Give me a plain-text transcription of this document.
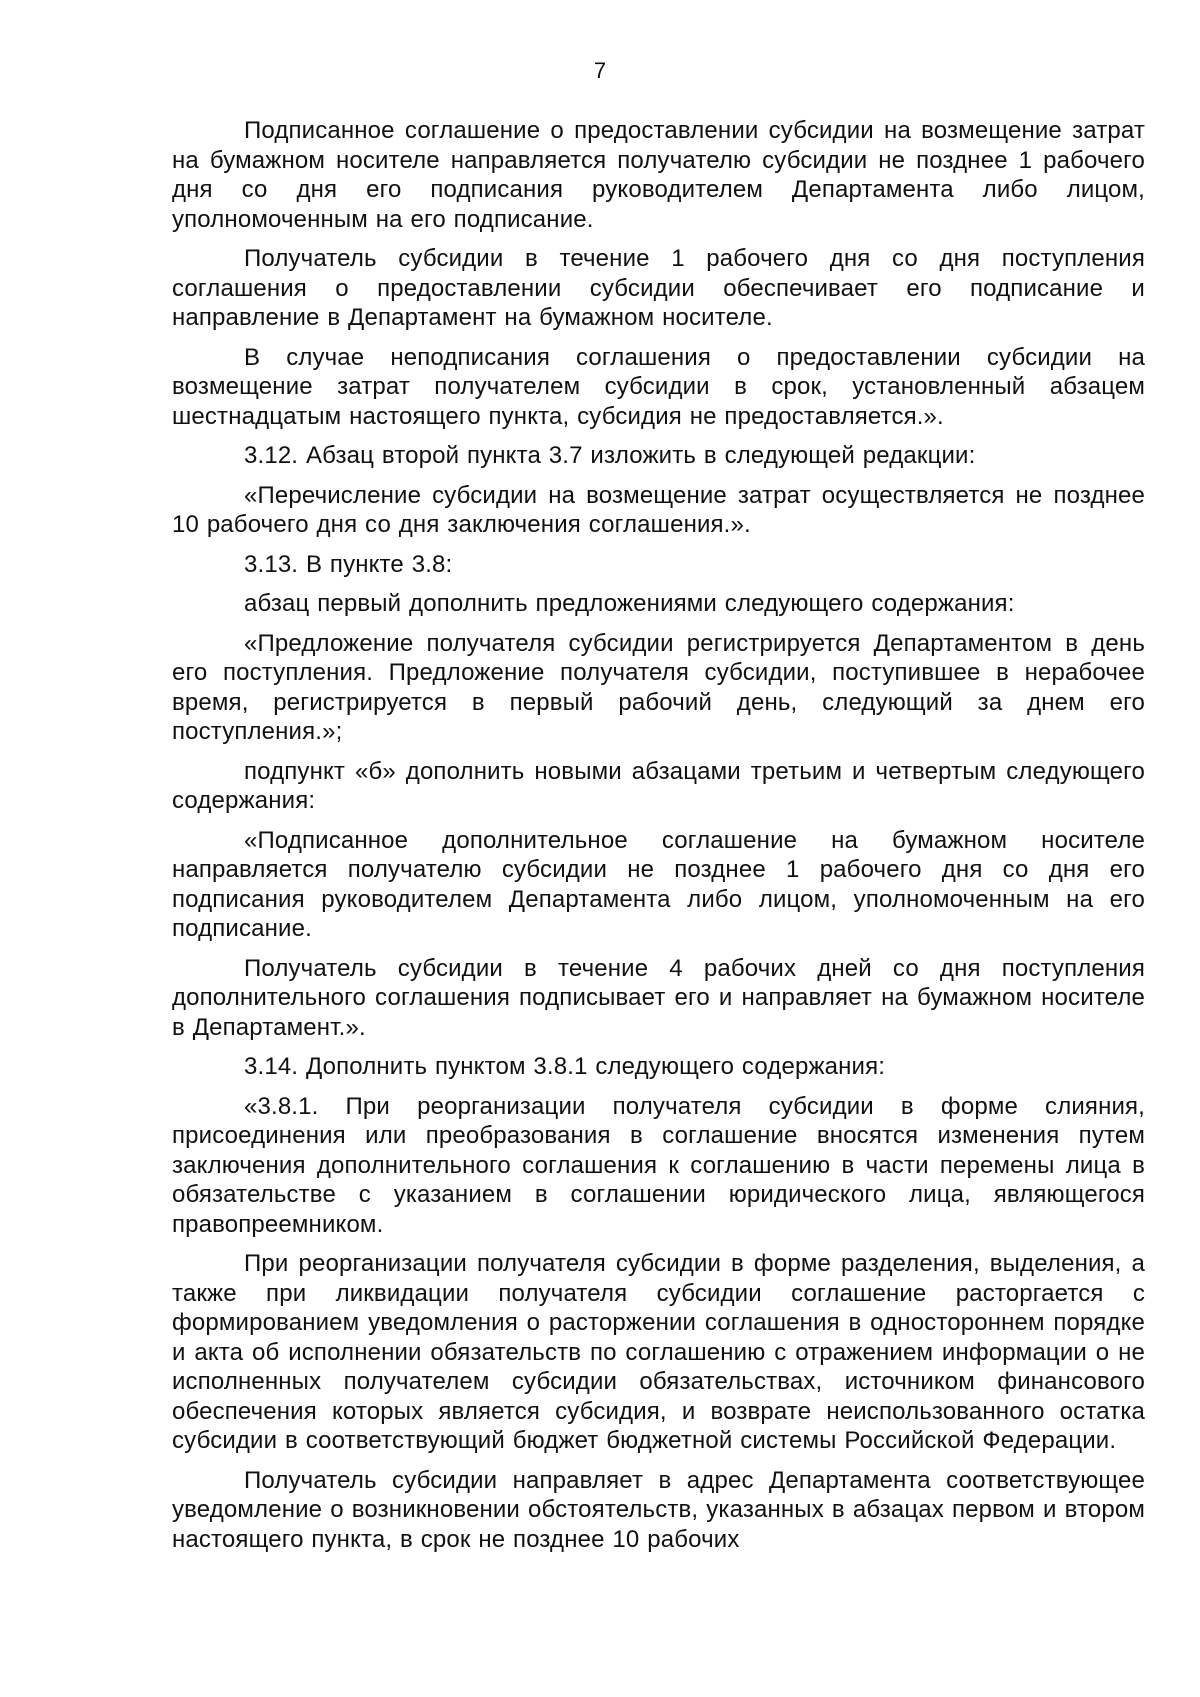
7

Подписанное соглашение о предоставлении субсидии на возмещение затрат на бумажном носителе направляется получателю субсидии не позднее 1 рабочего дня со дня его подписания руководителем Департамента либо лицом, уполномоченным на его подписание.

Получатель субсидии в течение 1 рабочего дня со дня поступления соглашения о предоставлении субсидии обеспечивает его подписание и направление в Департамент на бумажном носителе.

В случае неподписания соглашения о предоставлении субсидии на возмещение затрат получателем субсидии в срок, установленный абзацем шестнадцатым настоящего пункта, субсидия не предоставляется.».

3.12. Абзац второй пункта 3.7 изложить в следующей редакции:

«Перечисление субсидии на возмещение затрат осуществляется не позднее 10 рабочего дня со дня заключения соглашения.».

3.13. В пункте 3.8:

абзац первый дополнить предложениями следующего содержания:

«Предложение получателя субсидии регистрируется Департаментом в день его поступления. Предложение получателя субсидии, поступившее в нерабочее время, регистрируется в первый рабочий день, следующий за днем его поступления.»;

подпункт «б» дополнить новыми абзацами третьим и четвертым следующего содержания:

«Подписанное дополнительное соглашение на бумажном носителе направляется получателю субсидии не позднее 1 рабочего дня со дня его подписания руководителем Департамента либо лицом, уполномоченным на его подписание.

Получатель субсидии в течение 4 рабочих дней со дня поступления дополнительного соглашения подписывает его и направляет на бумажном носителе в Департамент.».

3.14. Дополнить пунктом 3.8.1 следующего содержания:

«3.8.1. При реорганизации получателя субсидии в форме слияния, присоединения или преобразования в соглашение вносятся изменения путем заключения дополнительного соглашения к соглашению в части перемены лица в обязательстве с указанием в соглашении юридического лица, являющегося правопреемником.

При реорганизации получателя субсидии в форме разделения, выделения, а также при ликвидации получателя субсидии соглашение расторгается с формированием уведомления о расторжении соглашения в одностороннем порядке и акта об исполнении обязательств по соглашению с отражением информации о не исполненных получателем субсидии обязательствах, источником финансового обеспечения которых является субсидия, и возврате неиспользованного остатка субсидии в соответствующий бюджет бюджетной системы Российской Федерации.

Получатель субсидии направляет в адрес Департамента соответствующее уведомление о возникновении обстоятельств, указанных в абзацах первом и втором настоящего пункта, в срок не позднее 10 рабочих
